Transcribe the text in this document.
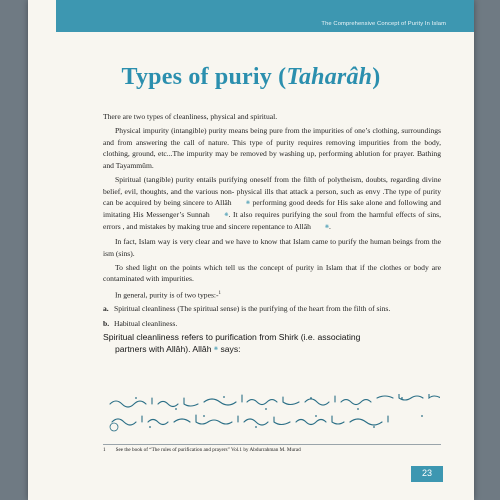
The Comprehensive Concept of Purity In Islam
Types of puriy (Taharâh)

There are two types of cleanliness, physical and spiritual.

Physical impurity (intangible) purity means being pure from the impurities of one’s clothing, surroundings and from answering the call of nature. This type of purity requires removing impurities from the body, clothing, ground, etc...The impurity may be removed by washing up, performing ablution for prayer. Bathing and Tayammûm.

Spiritual (tangible) purity entails purifying oneself from the filth of polytheism, doubts, regarding divine belief, evil, thoughts, and the various non- physical ills that attack a person, such as envy .The type of purity can be acquired by being sincere to Allâh	❋ performing good deeds for His sake alone and following and imitating His Messenger’s Sunnah	❋. It also requires purifying the soul from the harmful effects of sins, errors , and mistakes by making true and sincere repentance to Allâh	❋.

In fact, Islam way is very clear and we have to know that Islam came to purify the human beings from the ism (sins).

To shed light on the points which tell us the concept of purity in Islam that if the clothes or body are contaminated with impurities.

In general, purity is of two types:-$^1$

a. Spiritual cleanliness (The spiritual sense) is the purifying of the heart from the filth of sins.
b. Habitual cleanliness.
Spiritual cleanliness refers to purification from Shirk (i.e. associating
partners with Allâh). Allâh ❋ says:
1 See the book of “The rules of purification and prayers” Vol.1 by Abdurrahman M. Murad
23
